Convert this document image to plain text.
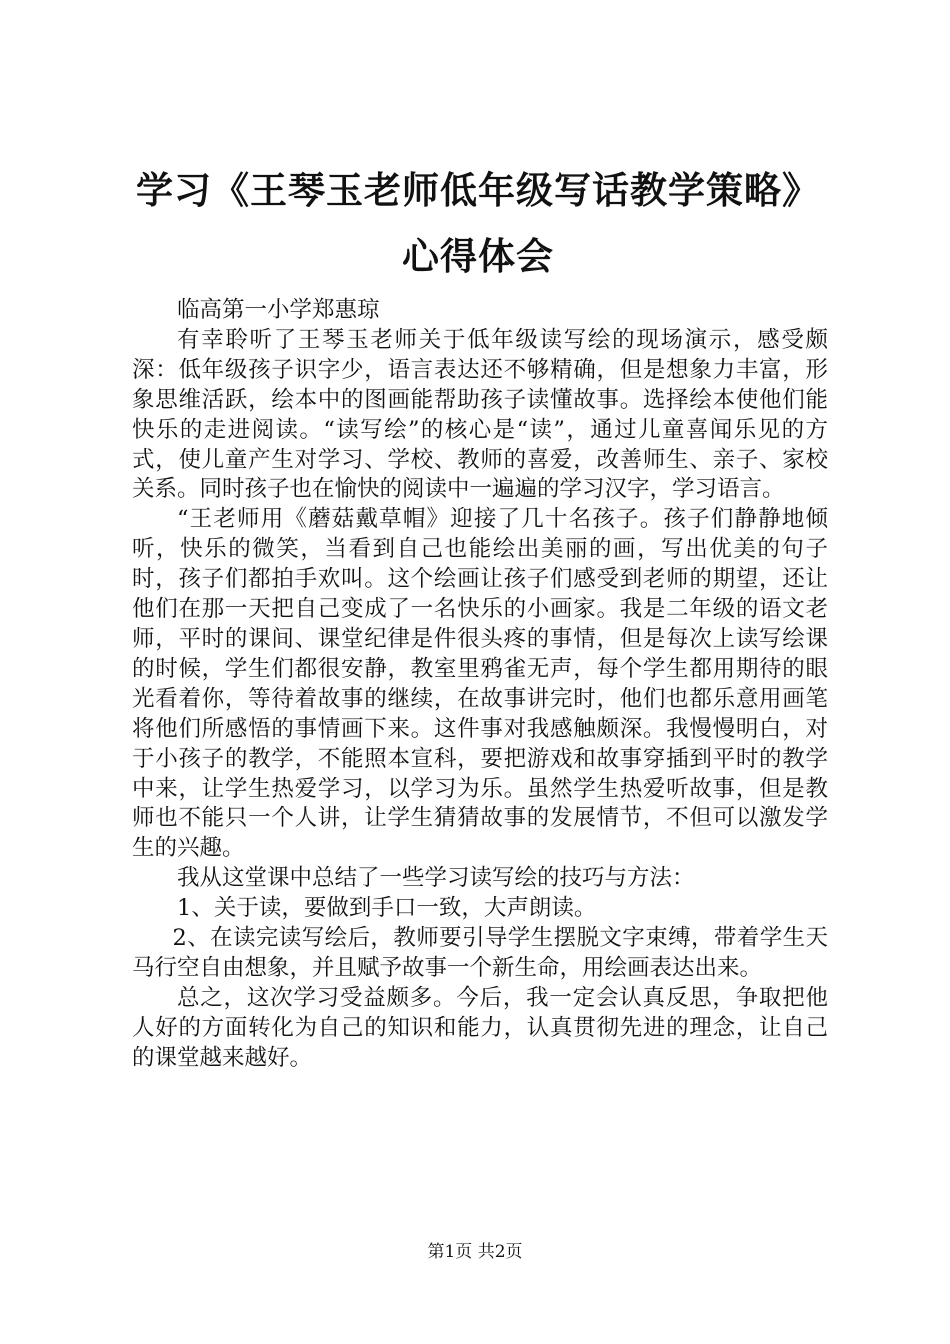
学习《王琴玉老师低年级写话教学策略》心得体会

临高第一小学郑惠琼

有幸聆听了王琴玉老师关于低年级读写绘的现场演示，感受颇深：低年级孩子识字少，语言表达还不够精确，但是想象力丰富，形象思维活跃，绘本中的图画能帮助孩子读懂故事。选择绘本使他们能快乐的走进阅读。“读写绘”的核心是“读”，通过儿童喜闻乐见的方式，使儿童产生对学习、学校、教师的喜爱，改善师生、亲子、家校关系。同时孩子也在愉快的阅读中一遍遍的学习汉字，学习语言。

“王老师用《蘑菇戴草帽》迎接了几十名孩子。孩子们静静地倾听，快乐的微笑，当看到自己也能绘出美丽的画，写出优美的句子时，孩子们都拍手欢叫。这个绘画让孩子们感受到老师的期望，还让他们在那一天把自己变成了一名快乐的小画家。我是二年级的语文老师，平时的课间、课堂纪律是件很头疼的事情，但是每次上读写绘课的时候，学生们都很安静，教室里鸦雀无声，每个学生都用期待的眼光看着你，等待着故事的继续，在故事讲完时，他们也都乐意用画笔将他们所感悟的事情画下来。这件事对我感触颇深。我慢慢明白，对于小孩子的教学，不能照本宣科，要把游戏和故事穿插到平时的教学中来，让学生热爱学习，以学习为乐。虽然学生热爱听故事，但是教师也不能只一个人讲，让学生猜猜故事的发展情节，不但可以激发学生的兴趣。

我从这堂课中总结了一些学习读写绘的技巧与方法：

1、关于读，要做到手口一致，大声朗读。

2、在读完读写绘后，教师要引导学生摆脱文字束缚，带着学生天马行空自由想象，并且赋予故事一个新生命，用绘画表达出来。

总之，这次学习受益颇多。今后，我一定会认真反思，争取把他人好的方面转化为自己的知识和能力，认真贯彻先进的理念，让自己的课堂越来越好。

第1页 共2页
